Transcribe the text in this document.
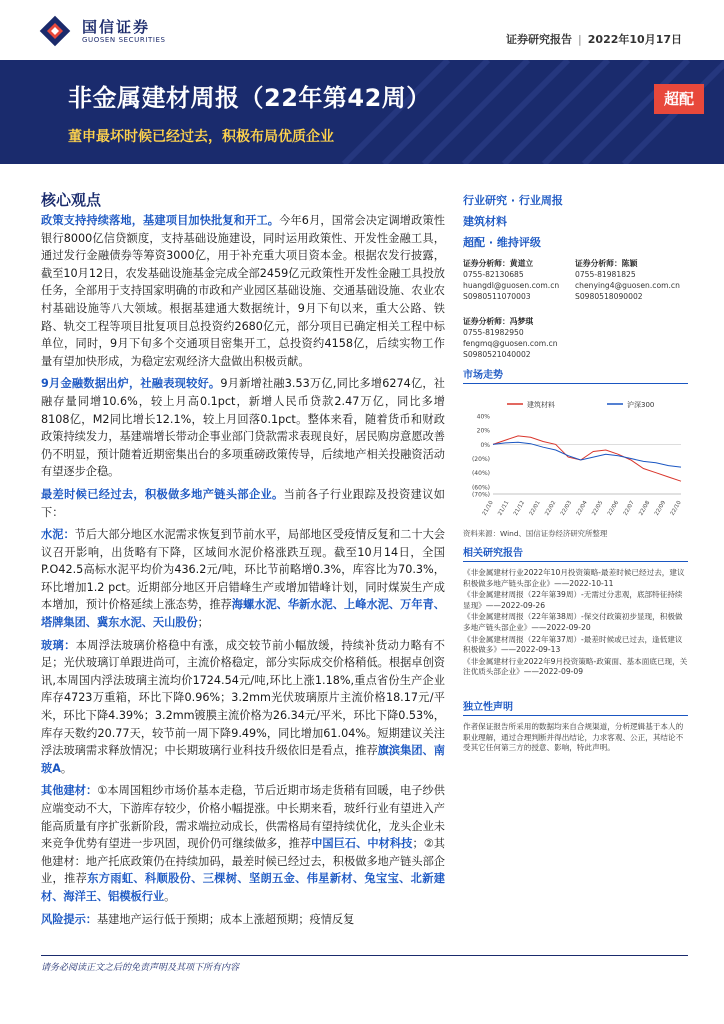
国信证券
GUOSEN SECURITIES	证券研究报告 | 2022年10月17日
非金属建材周报（22年第42周）
董申最坏时候已经过去，积极布局优质企业
超配
核心观点

政策支持持续落地，基建项目加快批复和开工。今年6月，国常会决定调增政策性银行8000亿信贷额度，支持基础设施建设，同时运用政策性、开发性金融工具，通过发行金融债券等筹资3000亿，用于补充重大项目资本金。根据农发行披露，截至10月12日，农发基础设施基金完成全部2459亿元政策性开发性金融工具投放任务，全部用于支持国家明确的市政和产业园区基础设施、交通基础设施、农业农村基础设施等八大领域。根据基建通大数据统计，9月下旬以来，重大公路、铁路、轨交工程等项目批复项目总投资约2680亿元，部分项目已确定相关工程中标单位，同时，9月下旬多个交通项目密集开工，总投资约4158亿，后续实物工作量有望加快形成，为稳定宏观经济大盘做出积极贡献。

9月金融数据出炉，社融表现较好。9月新增社融3.53万亿,同比多增6274亿，社融存量同增10.6%，较上月高0.1pct，新增人民币贷款2.47万亿，同比多增8108亿，M2同比增长12.1%，较上月回落0.1pct。整体来看，随着货币和财政政策持续发力，基建端增长带动企事业部门贷款需求表现良好，居民购房意愿改善仍不明显，预计随着近期密集出台的多项重磅政策传导，后续地产相关投融资活动有望逐步企稳。

最差时候已经过去，积极做多地产链头部企业。当前各子行业跟踪及投资建议如下：

水泥：节后大部分地区水泥需求恢复到节前水平，局部地区受疫情反复和二十大会议召开影响，出货略有下降，区域间水泥价格涨跌互现。截至10月14日，全国P.O42.5高标水泥平均价为436.2元/吨，环比节前略增0.3%，库容比为70.3%，环比增加1.2 pct。近期部分地区开启错峰生产或增加错峰计划，同时煤炭生产成本增加，预计价格延续上涨态势，推荐海螺水泥、华新水泥、上峰水泥、万年青、塔牌集团、冀东水泥、天山股份；

玻璃：本周浮法玻璃价格稳中有涨，成交较节前小幅放缓，持续补货动力略有不足；光伏玻璃订单跟进尚可，主流价格稳定，部分实际成交价格稍低。根据卓创资讯,本周国内浮法玻璃主流均价1724.54元/吨,环比上涨1.18%,重点省份生产企业库存4723万重箱，环比下降0.96%；3.2mm光伏玻璃原片主流价格18.17元/平米，环比下降4.39%；3.2mm镀膜主流价格为26.34元/平米，环比下降0.53%，库存天数约20.77天，较节前一周下降9.49%，同比增加61.04%。短期建议关注浮法玻璃需求释放情况；中长期玻璃行业科技升级依旧是看点，推荐旗滨集团、南玻A。

其他建材：①本周国粗纱市场价基本走稳，节后近期市场走货稍有回暖，电子纱供应端变动不大，下游库存较少，价格小幅提涨。中长期来看，玻纤行业有望进入产能高质量有序扩张新阶段，需求端拉动成长，供需格局有望持续优化，龙头企业未来竞争优势有望进一步巩固，现价仍可继续做多，推荐中国巨石、中材科技；②其他建材：地产托底政策仍在持续加码，最差时候已经过去，积极做多地产链头部企业，推荐东方雨虹、科顺股份、三棵树、坚朗五金、伟星新材、兔宝宝、北新建材、海洋王、铝模板行业。

风险提示：基建地产运行低于预期；成本上涨超预期；疫情反复

行业研究 · 行业周报
建筑材料
超配 · 维持评级
证券分析师：黄道立
0755-82130685
huangdl@guosen.com.cn
S0980511070003
证券分析师：陈颖
0755-81981825
chenying4@guosen.com.cn
S0980518090002
证券分析师：冯梦琪
0755-81982950
fengmq@guosen.com.cn
S0980521040002
市场走势
建筑材料	沪深300
40%
20%
0%
(20%)
(40%)
(60%)
(70%)
21/10 21/11 21/12 22/01 22/02 22/03 22/04 22/05 22/06 22/07 22/08 22/09 22/10
资料来源：Wind、国信证券经济研究所整理
相关研究报告
《非金属建材行业2022年10月投资策略-最差时候已经过去，建议积极做多地产链头部企业》——2022-10-11
《非金属建材周报（22年第39周）-无需过分悲观，底部特征持续显现》——2022-09-26
《非金属建材周报（22年第38周）-保交付政策初步显现，积极做多地产链头部企业》——2022-09-20
《非金属建材周报（22年第37周）-最差时候或已过去，逢低建议积极做多》——2022-09-13
《非金属建材行业2022年9月投资策略-政策面、基本面底已现，关注优质头部企业》——2022-09-09
独立性声明
作者保证报告所采用的数据均来自合规渠道，分析逻辑基于本人的职业理解，通过合理判断并得出结论，力求客观、公正，其结论不受其它任何第三方的授意、影响，特此声明。
请务必阅读正文之后的免责声明及其项下所有内容
